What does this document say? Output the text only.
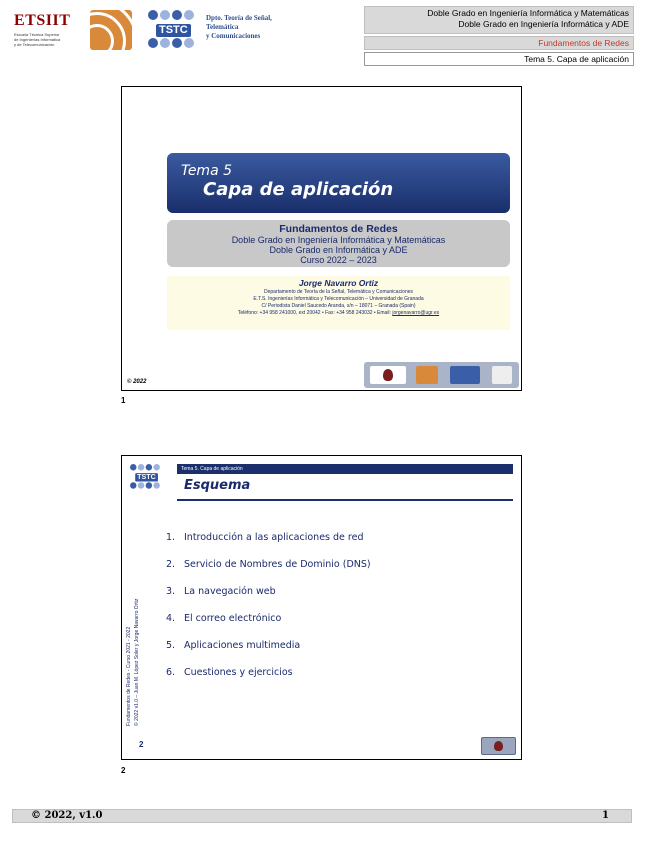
ETSIIT
Escuela Técnica Superior
de Ingenierías Informática
y de Telecomunicación
TSTC
Dpto. Teoría de Señal,
Telemática
y Comunicaciones
Doble Grado en Ingeniería Informática y Matemáticas
Doble Grado en Ingeniería Informática y ADE
Fundamentos de Redes
Tema 5. Capa de aplicación
Tema 5
Capa de aplicación
Fundamentos de Redes
Doble Grado en Ingeniería Informática y Matemáticas
Doble Grado en Informática y ADE
Curso 2022 – 2023
Jorge Navarro Ortiz
Departamento de Teoría de la Señal, Telemática y Comunicaciones
E.T.S. Ingenierías Informática y Telecomunicación – Universidad de Granada
C/ Periodista Daniel Saucedo Aranda, s/n – 18071 – Granada (Spain)
Teléfono: +34 958 241000, ext 20042 • Fax: +34 958 243032 • Email: jorgenavarro@ugr.es
© 2022
1
TSTC
Tema 5. Capa de aplicación
Esquema
1. Introducción a las aplicaciones de red
2. Servicio de Nombres de Dominio (DNS)
3. La navegación web
4. El correo electrónico
5. Aplicaciones multimedia
6. Cuestiones y ejercicios
Fundamentos de Redes - Curso 2021 - 2022 © 2022 v1.0 – Juan M. López Soler y Jorge Navarro Ortiz
2
2
© 2022, v1.0	1
